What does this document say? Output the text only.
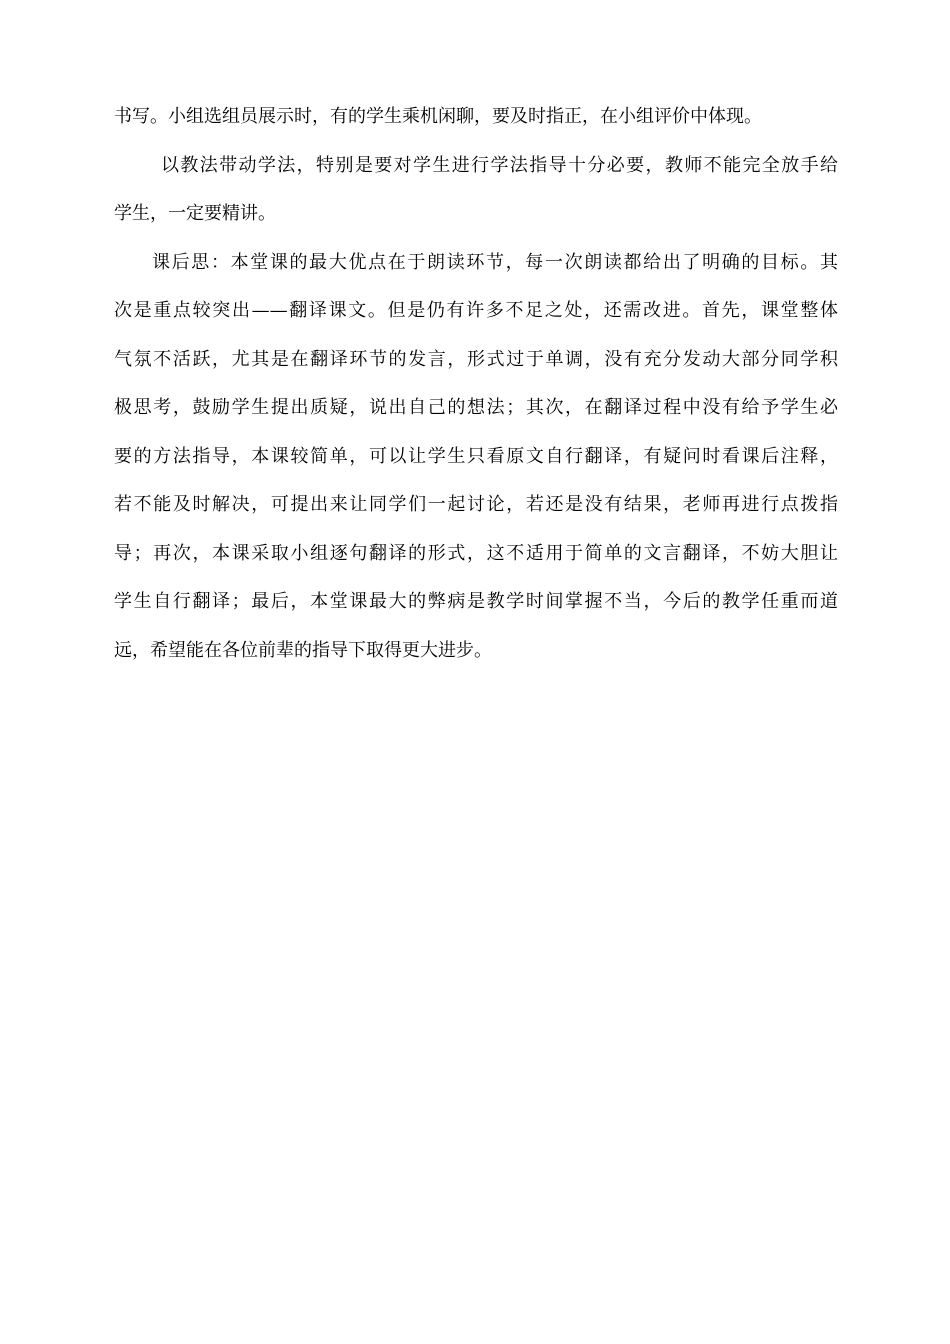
书写。小组选组员展示时，有的学生乘机闲聊，要及时指正，在小组评价中体现。
以教法带动学法，特别是要对学生进行学法指导十分必要，教师不能完全放手给
学生，一定要精讲。
课后思：本堂课的最大优点在于朗读环节，每一次朗读都给出了明确的目标。其
次是重点较突出——翻译课文。但是仍有许多不足之处，还需改进。首先，课堂整体
气氛不活跃，尤其是在翻译环节的发言，形式过于单调，没有充分发动大部分同学积
极思考，鼓励学生提出质疑，说出自己的想法；其次，在翻译过程中没有给予学生必
要的方法指导，本课较简单，可以让学生只看原文自行翻译，有疑问时看课后注释，
若不能及时解决，可提出来让同学们一起讨论，若还是没有结果，老师再进行点拨指
导；再次，本课采取小组逐句翻译的形式，这不适用于简单的文言翻译，不妨大胆让
学生自行翻译；最后，本堂课最大的弊病是教学时间掌握不当，今后的教学任重而道
远，希望能在各位前辈的指导下取得更大进步。
